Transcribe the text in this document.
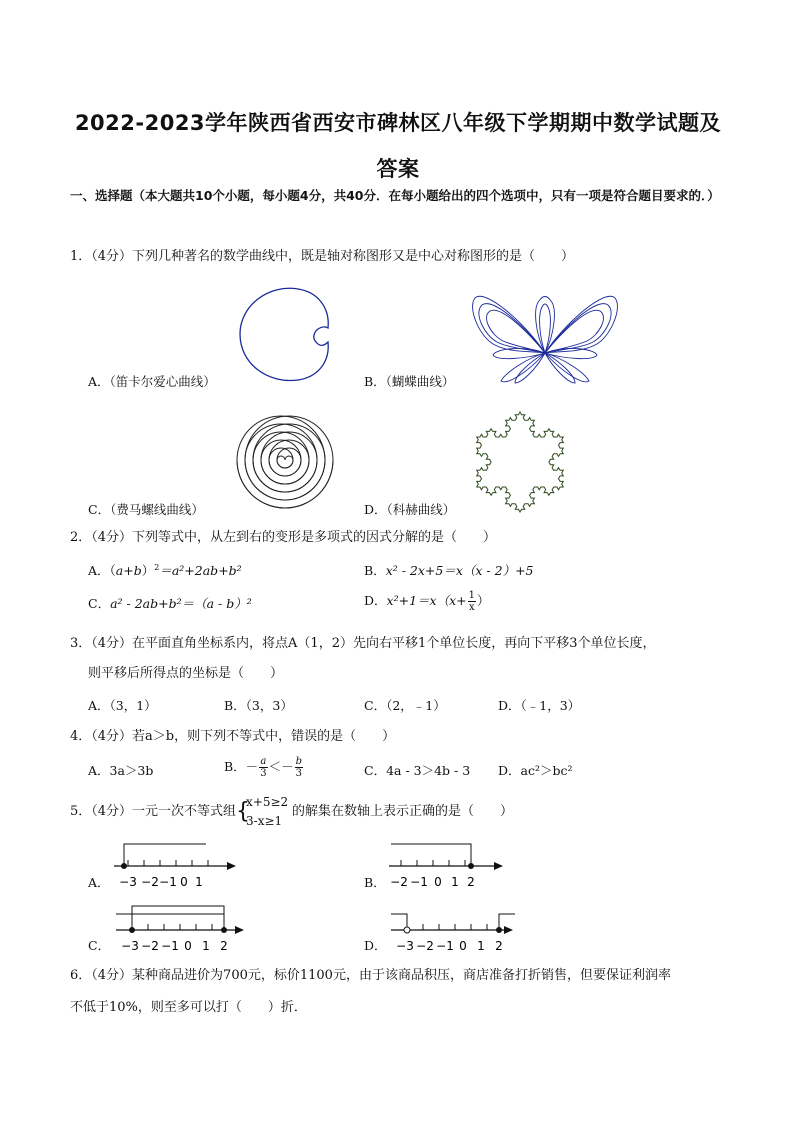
2022-2023学年陕西省西安市碑林区八年级下学期期中数学试题及答案
一、选择题（本大题共10个小题，每小题4分，共40分．在每小题给出的四个选项中，只有一项是符合题目要求的．）
1．（4分）下列几种著名的数学曲线中，既是轴对称图形又是中心对称图形的是（　　）
A．（笛卡尔爱心曲线）	B．（蝴蝶曲线）
C．（费马螺线曲线）	D．（科赫曲线）
2．（4分）下列等式中，从左到右的变形是多项式的因式分解的是（　　）
A．$(a+b)^2=a^2+2ab+b^2$	B．x² - 2x+5＝x（x - 2）+5
C．a² - 2ab+b²＝（a - b）²	D．$x^2+1=x(x+ \frac{1}{x}$ ）
3．（4分）在平面直角坐标系内，将点A（1，2）先向右平移1个单位长度，再向下平移3个单位长度，
则平移后所得点的坐标是（　　）
A．（3，1）	B．（3，3）	C．（2，﹣1）	D．（﹣1，3）
4．（4分）若a＞b，则下列不等式中，错误的是（　　）
A．3a＞3b	B．－ $\frac{a}{3} <- \frac{b}{3}$	C．4a - 3＞4b - 3 D．ac²＞bc²
5．（4分）一元一次不等式组 {
x+5≥2
3-x≥1
的解集在数轴上表示正确的是（　　）
A．	B．
C．	D．
−3 −2 −1 0 1	−2 −1 0 1 2
−3 −2 −1 0 1 2	−3 −2 −1 0 1 2
6．（4分）某种商品进价为700元，标价1100元，由于该商品积压，商店准备打折销售，但要保证利润率
不低于10%，则至多可以打（　　）折．
